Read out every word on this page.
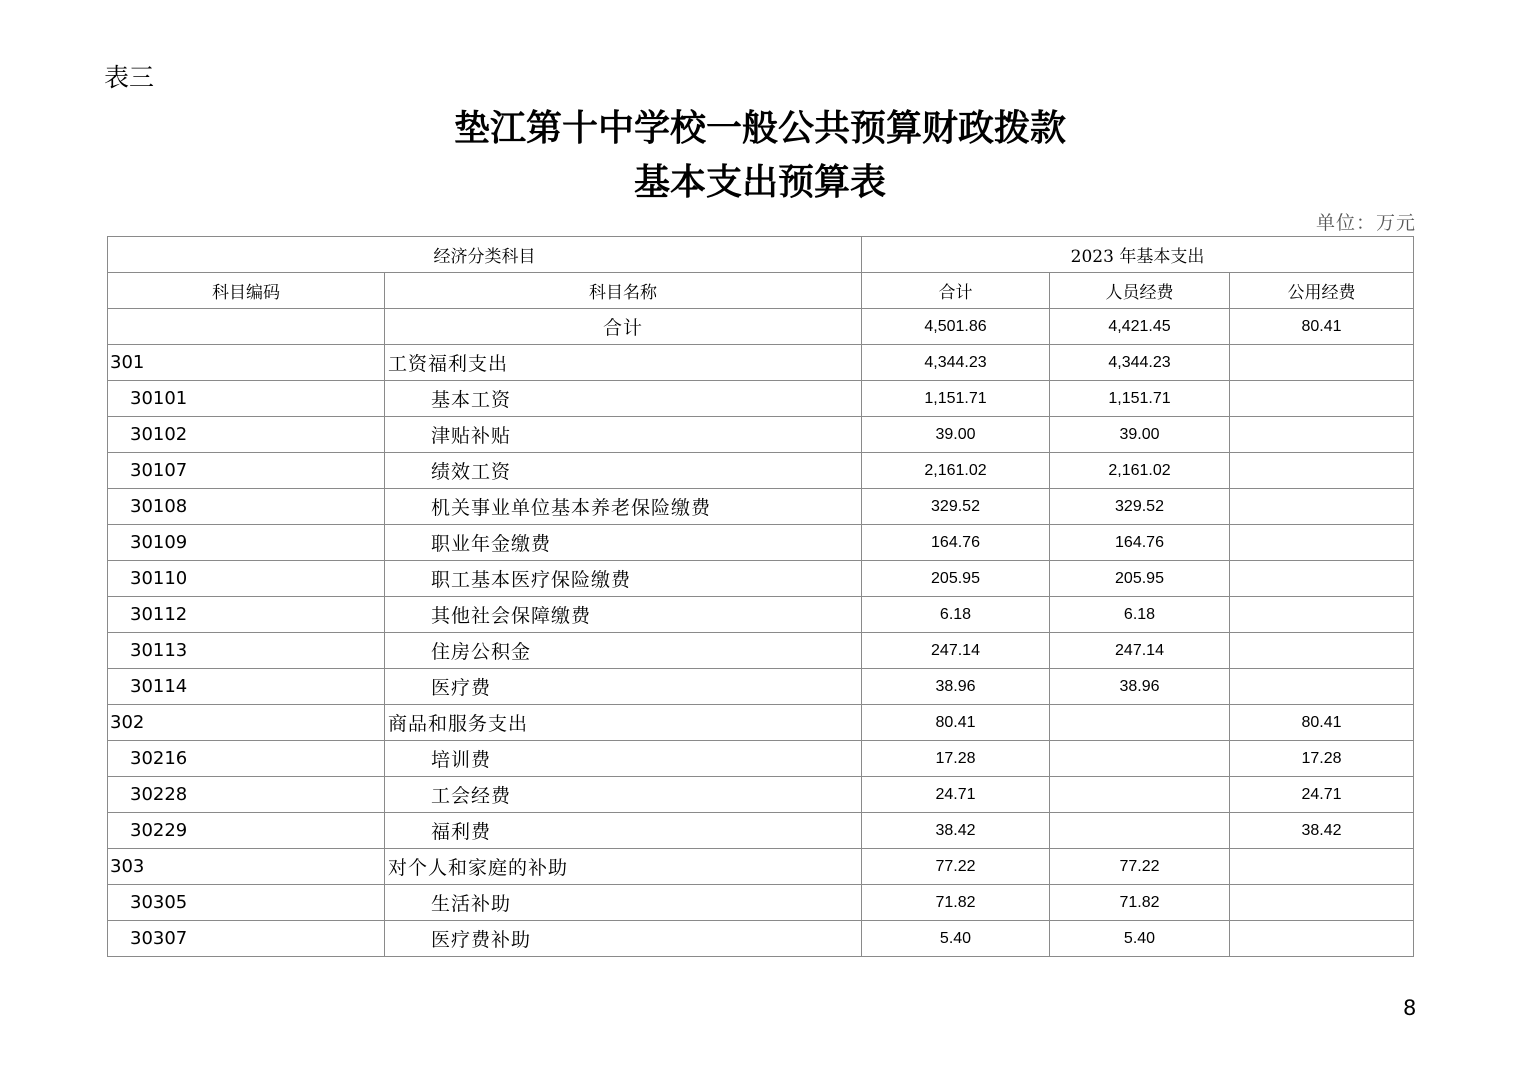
表三
垫江第十中学校一般公共预算财政拨款
基本支出预算表
单位：万元
经济分类科目		2023 年基本支出		
科目编码	科目名称	合计	人员经费	公用经费
	合计	4,501.86	4,421.45	80.41
301	工资福利支出	4,344.23	4,344.23	
30101	基本工资	1,151.71	1,151.71	
30102	津贴补贴	39.00	39.00	
30107	绩效工资	2,161.02	2,161.02	
30108	机关事业单位基本养老保险缴费	329.52	329.52	
30109	职业年金缴费	164.76	164.76	
30110	职工基本医疗保险缴费	205.95	205.95	
30112	其他社会保障缴费	6.18	6.18	
30113	住房公积金	247.14	247.14	
30114	医疗费	38.96	38.96	
302	商品和服务支出	80.41		80.41
30216	培训费	17.28		17.28
30228	工会经费	24.71		24.71
30229	福利费	38.42		38.42
303	对个人和家庭的补助	77.22	77.22	
30305	生活补助	71.82	71.82	
30307	医疗费补助	5.40	5.40	
8
